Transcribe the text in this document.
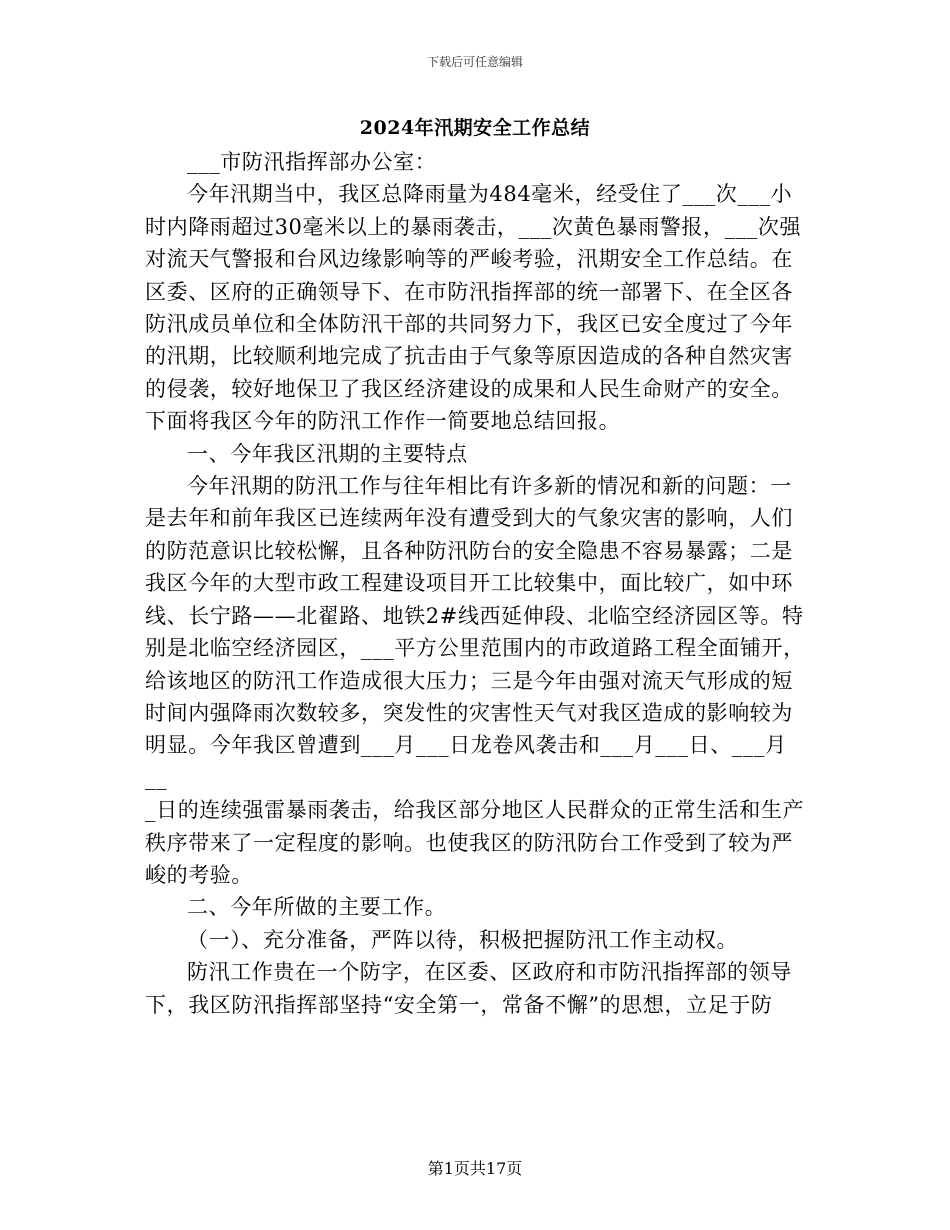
下载后可任意编辑
2024年汛期安全工作总结

___市防汛指挥部办公室：

今年汛期当中，我区总降雨量为484毫米，经受住了___次___小

时内降雨超过30毫米以上的暴雨袭击，___次黄色暴雨警报，___次强

对流天气警报和台风边缘影响等的严峻考验，汛期安全工作总结。在

区委、区府的正确领导下、在市防汛指挥部的统一部署下、在全区各

防汛成员单位和全体防汛干部的共同努力下，我区已安全度过了今年

的汛期，比较顺利地完成了抗击由于气象等原因造成的各种自然灾害

的侵袭，较好地保卫了我区经济建设的成果和人民生命财产的安全。

下面将我区今年的防汛工作作一简要地总结回报。

一、今年我区汛期的主要特点

今年汛期的防汛工作与往年相比有许多新的情况和新的问题：一

是去年和前年我区已连续两年没有遭受到大的气象灾害的影响，人们

的防范意识比较松懈，且各种防汛防台的安全隐患不容易暴露；二是

我区今年的大型市政工程建设项目开工比较集中，面比较广，如中环

线、长宁路——北翟路、地铁2#线西延伸段、北临空经济园区等。特

别是北临空经济园区，___平方公里范围内的市政道路工程全面铺开，

给该地区的防汛工作造成很大压力；三是今年由强对流天气形成的短

时间内强降雨次数较多，突发性的灾害性天气对我区造成的影响较为

明显。今年我区曾遭到___月___日龙卷风袭击和___月___日、___月__

_日的连续强雷暴雨袭击，给我区部分地区人民群众的正常生活和生产

秩序带来了一定程度的影响。也使我区的防汛防台工作受到了较为严

峻的考验。

二、今年所做的主要工作。

（一）、充分准备，严阵以待，积极把握防汛工作主动权。

防汛工作贵在一个防字，在区委、区政府和市防汛指挥部的领导

下，我区防汛指挥部坚持“安全第一，常备不懈”的思想，立足于防

第1页共17页
